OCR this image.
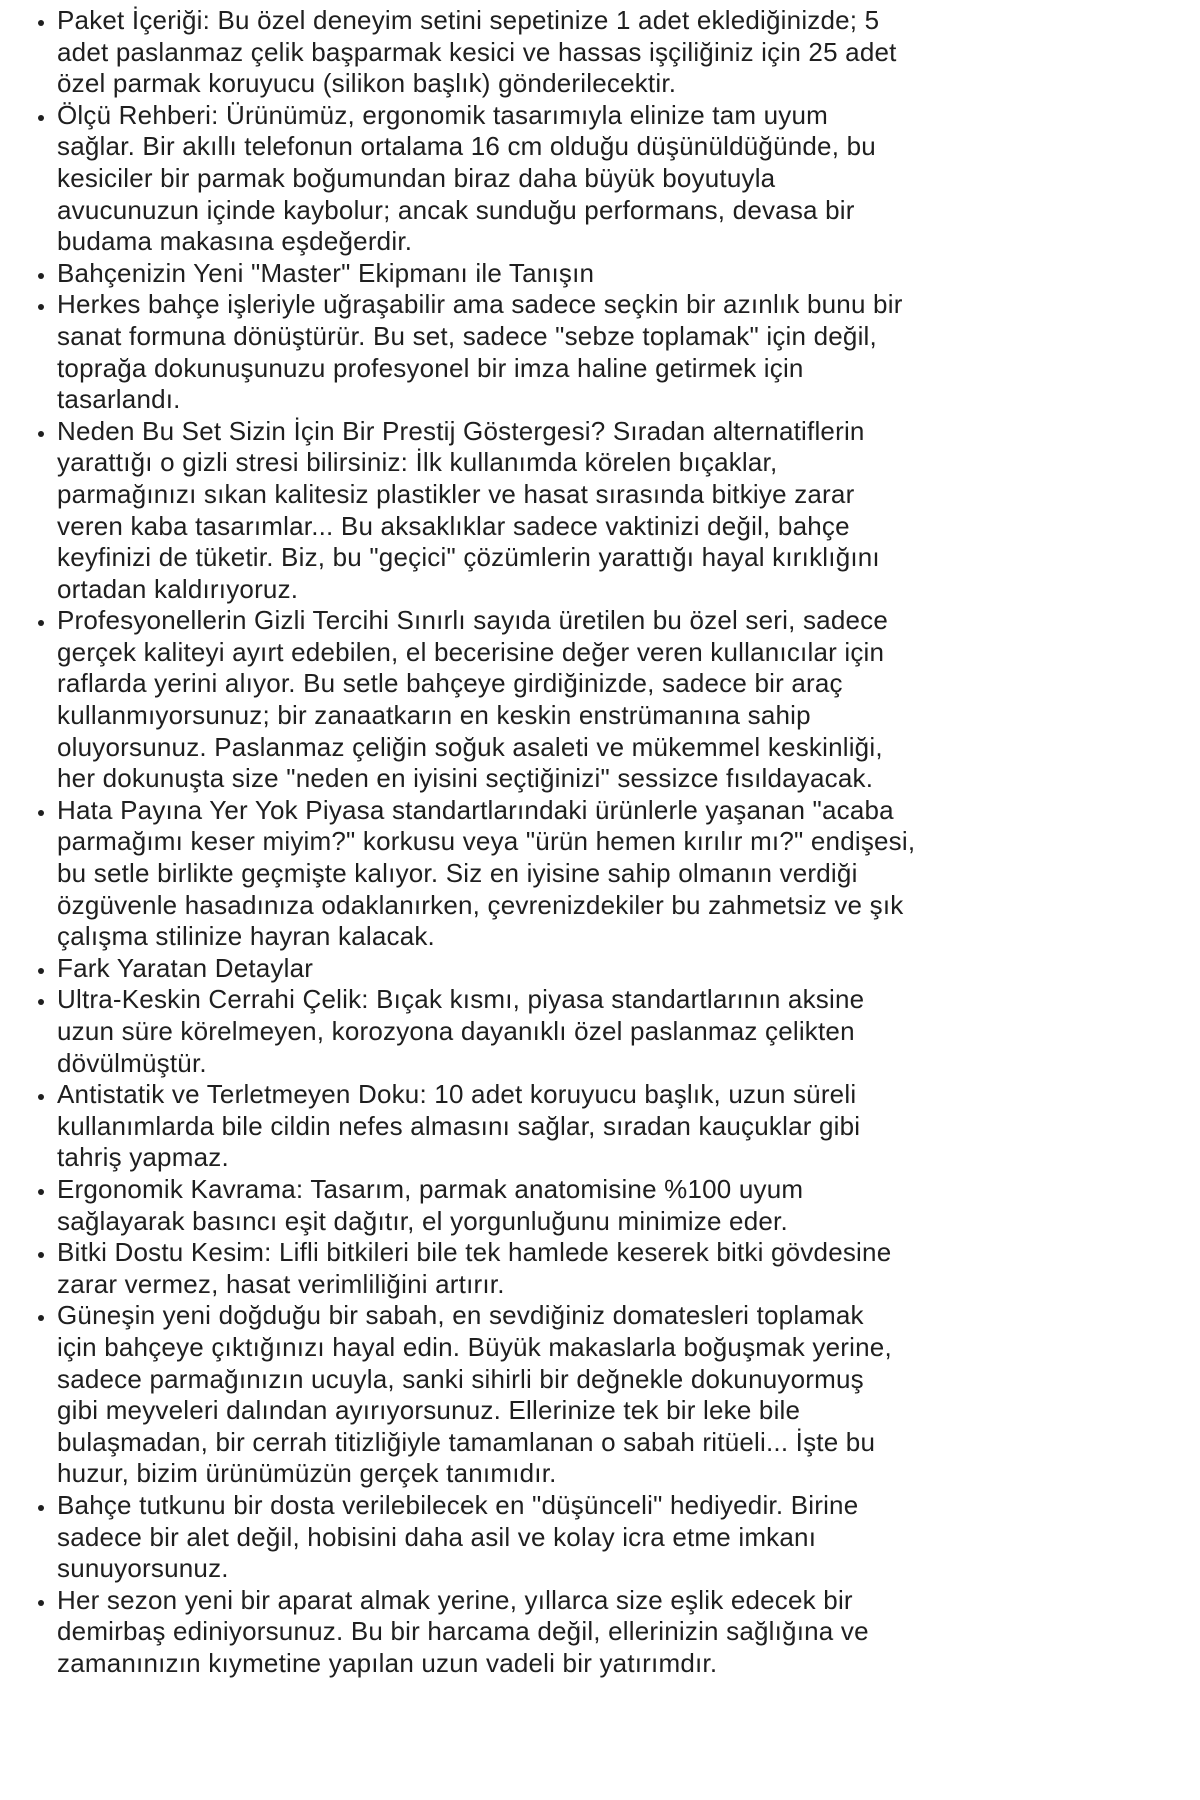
• Paket İçeriği: Bu özel deneyim setini sepetinize 1 adet eklediğinizde; 5
adet paslanmaz çelik başparmak kesici ve hassas işçiliğiniz için 25 adet
özel parmak koruyucu (silikon başlık) gönderilecektir.
• Ölçü Rehberi: Ürünümüz, ergonomik tasarımıyla elinize tam uyum
sağlar. Bir akıllı telefonun ortalama 16 cm olduğu düşünüldüğünde, bu
kesiciler bir parmak boğumundan biraz daha büyük boyutuyla
avucunuzun içinde kaybolur; ancak sunduğu performans, devasa bir
budama makasına eşdeğerdir.
• Bahçenizin Yeni "Master" Ekipmanı ile Tanışın
• Herkes bahçe işleriyle uğraşabilir ama sadece seçkin bir azınlık bunu bir
sanat formuna dönüştürür. Bu set, sadece "sebze toplamak" için değil,
toprağa dokunuşunuzu profesyonel bir imza haline getirmek için
tasarlandı.
• Neden Bu Set Sizin İçin Bir Prestij Göstergesi? Sıradan alternatiflerin
yarattığı o gizli stresi bilirsiniz: İlk kullanımda körelen bıçaklar,
parmağınızı sıkan kalitesiz plastikler ve hasat sırasında bitkiye zarar
veren kaba tasarımlar... Bu aksaklıklar sadece vaktinizi değil, bahçe
keyfinizi de tüketir. Biz, bu "geçici" çözümlerin yarattığı hayal kırıklığını
ortadan kaldırıyoruz.
• Profesyonellerin Gizli Tercihi Sınırlı sayıda üretilen bu özel seri, sadece
gerçek kaliteyi ayırt edebilen, el becerisine değer veren kullanıcılar için
raflarda yerini alıyor. Bu setle bahçeye girdiğinizde, sadece bir araç
kullanmıyorsunuz; bir zanaatkarın en keskin enstrümanına sahip
oluyorsunuz. Paslanmaz çeliğin soğuk asaleti ve mükemmel keskinliği,
her dokunuşta size "neden en iyisini seçtiğinizi" sessizce fısıldayacak.
• Hata Payına Yer Yok Piyasa standartlarındaki ürünlerle yaşanan "acaba
parmağımı keser miyim?" korkusu veya "ürün hemen kırılır mı?" endişesi,
bu setle birlikte geçmişte kalıyor. Siz en iyisine sahip olmanın verdiği
özgüvenle hasadınıza odaklanırken, çevrenizdekiler bu zahmetsiz ve şık
çalışma stilinize hayran kalacak.
• Fark Yaratan Detaylar
• Ultra-Keskin Cerrahi Çelik: Bıçak kısmı, piyasa standartlarının aksine
uzun süre körelmeyen, korozyona dayanıklı özel paslanmaz çelikten
dövülmüştür.
• Antistatik ve Terletmeyen Doku: 10 adet koruyucu başlık, uzun süreli
kullanımlarda bile cildin nefes almasını sağlar, sıradan kauçuklar gibi
tahriş yapmaz.
• Ergonomik Kavrama: Tasarım, parmak anatomisine %100 uyum
sağlayarak basıncı eşit dağıtır, el yorgunluğunu minimize eder.
• Bitki Dostu Kesim: Lifli bitkileri bile tek hamlede keserek bitki gövdesine
zarar vermez, hasat verimliliğini artırır.
• Güneşin yeni doğduğu bir sabah, en sevdiğiniz domatesleri toplamak
için bahçeye çıktığınızı hayal edin. Büyük makaslarla boğuşmak yerine,
sadece parmağınızın ucuyla, sanki sihirli bir değnekle dokunuyormuş
gibi meyveleri dalından ayırıyorsunuz. Ellerinize tek bir leke bile
bulaşmadan, bir cerrah titizliğiyle tamamlanan o sabah ritüeli... İşte bu
huzur, bizim ürünümüzün gerçek tanımıdır.
• Bahçe tutkunu bir dosta verilebilecek en "düşünceli" hediyedir. Birine
sadece bir alet değil, hobisini daha asil ve kolay icra etme imkanı
sunuyorsunuz.
• Her sezon yeni bir aparat almak yerine, yıllarca size eşlik edecek bir
demirbaş ediniyorsunuz. Bu bir harcama değil, ellerinizin sağlığına ve
zamanınızın kıymetine yapılan uzun vadeli bir yatırımdır.
